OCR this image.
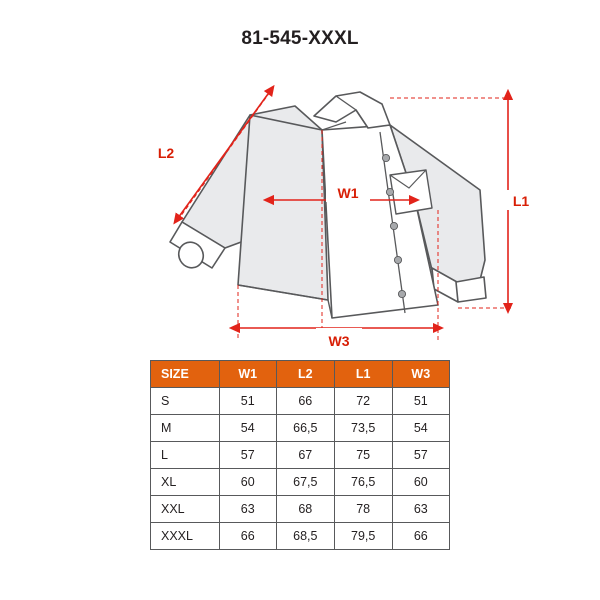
81-545-XXXL
L2
W1	L1
W3
SIZE	W1	L2	L1	W3
S	51	66	72	51
M	54	66,5	73,5	54
L	57	67	75	57
XL	60	67,5	76,5	60
XXL	63	68	78	63
XXXL	66	68,5	79,5	66
